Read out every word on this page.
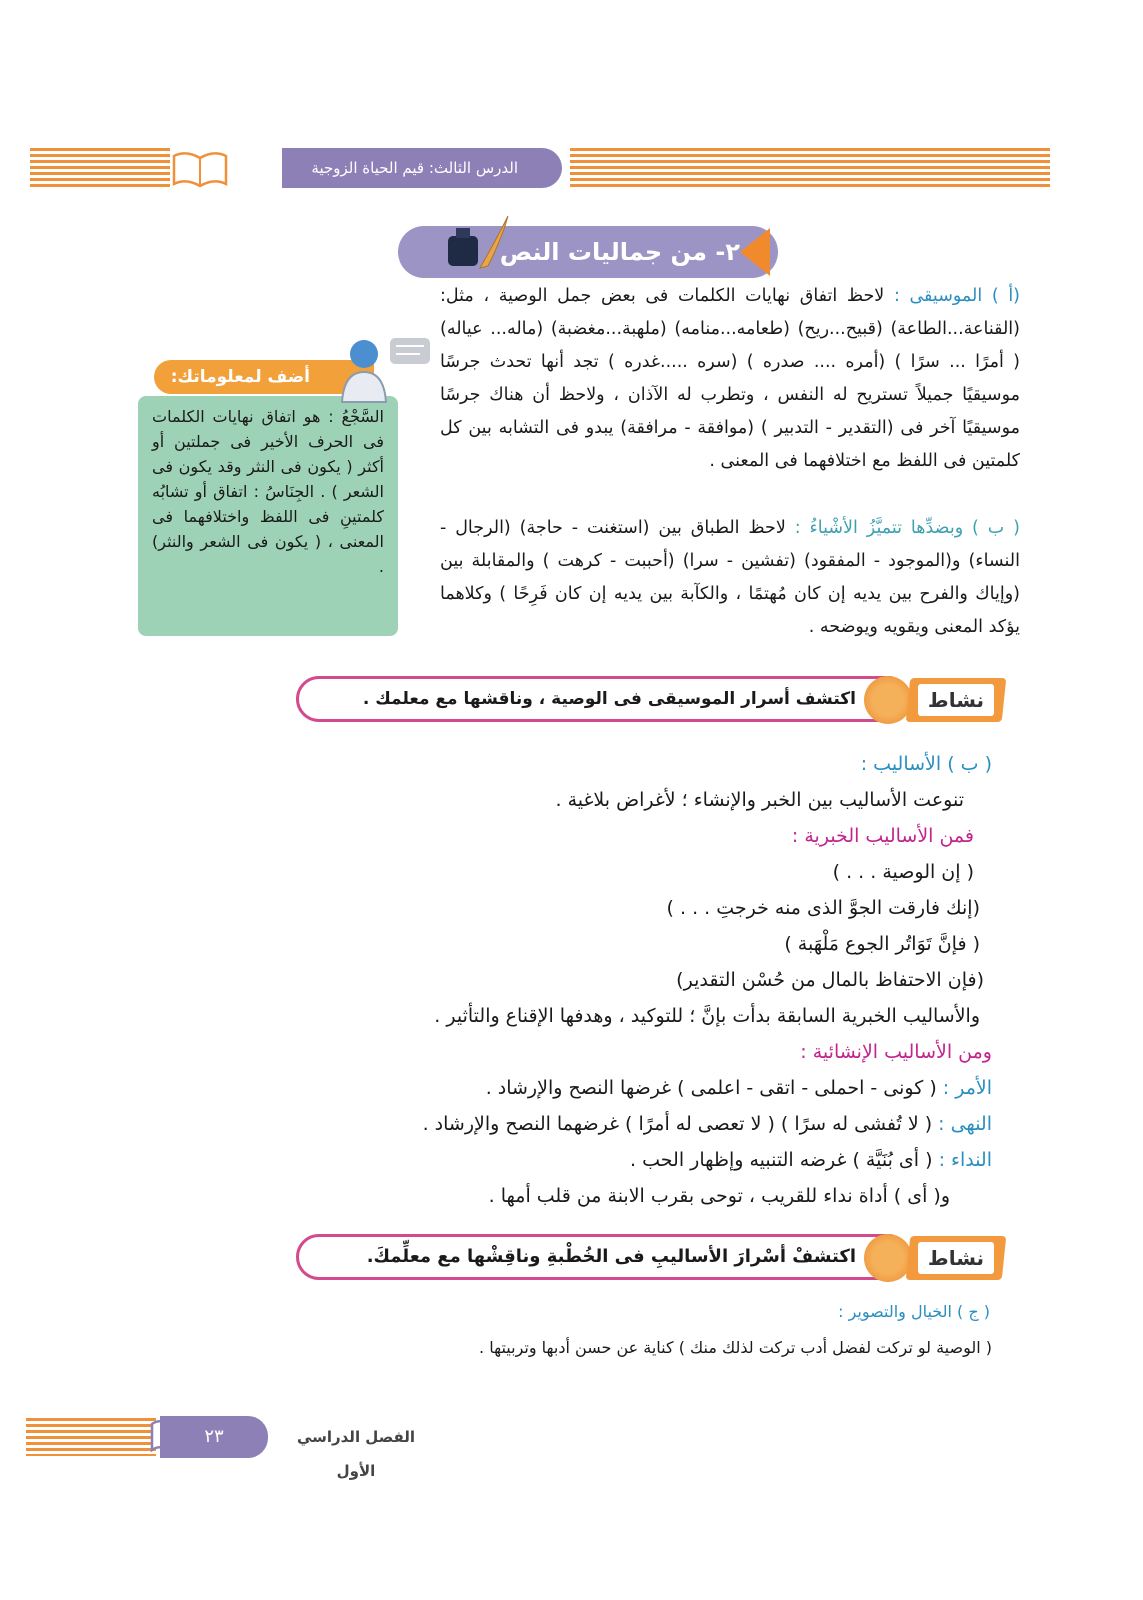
الدرس الثالث: قيم الحياة الزوجية
٢- من جماليات النص
(أ ) الموسيقى : لاحظ اتفاق نهايات الكلمات فى بعض جمل الوصية ، مثل: (القناعة...الطاعة) (قبيح...ريح) (طعامه...منامه) (ملهبة...مغضبة) (ماله... عياله) ( أمرًا ... سرًا ) (أمره .... صدره ) (سره .....غدره ) تجد أنها تحدث جرسًا موسيقيًا جميلاً تستريح له النفس ، وتطرب له الآذان ، ولاحظ أن هناك جرسًا موسيقيًا آخر فى (التقدير - التدبير ) (موافقة - مرافقة) يبدو فى التشابه بين كل كلمتين فى اللفظ مع اختلافهما فى المعنى .
( ب ) وبضدِّها تتميَّزُ الأشْياءُ : لاحظ الطباق بين (استغنت - حاجة) (الرجال - النساء) و(الموجود - المفقود) (تفشين - سرا) (أحببت - كرهت ) والمقابلة بين (وإياك والفرح بين يديه إن كان مُهتمًا ، والكآبة بين يديه إن كان فَرِحًا ) وكلاهما يؤكد المعنى ويقويه ويوضحه .
السَّجْعُ : هو اتفاق نهايات الكلمات فى الحرف الأخير فى جملتين أو أكثر ( يكون فى النثر وقد يكون فى الشعر ) . الجِنَاسُ : اتفاق أو تشابُه كلمتينِ فى اللفظ واختلافهما فى المعنى ، ( يكون فى الشعر والنثر) .
أضف لمعلوماتك:
اكتشف أسرار الموسيقى فى الوصية ، وناقشها مع معلمك .	نشاط
( ب ) الأساليب :
تنوعت الأساليب بين الخبر والإنشاء ؛ لأغراض بلاغية .
فمن الأساليب الخبرية :
( إن الوصية . . . )
(إنك فارقت الجوَّ الذى منه خرجتِ . . . )
( فإنَّ تَوَاتُر الجوع مَلْهَبة )
(فإن الاحتفاظ بالمال من حُسْن التقدير)
والأساليب الخبرية السابقة بدأت بإنَّ ؛ للتوكيد ، وهدفها الإقناع والتأثير .
ومن الأساليب الإنشائية :
الأمر : ( كونى - احملى - اتقى - اعلمى ) غرضها النصح والإرشاد .
النهى : ( لا تُفشى له سرًا ) ( لا تعصى له أمرًا ) غرضهما النصح والإرشاد .
النداء : ( أى بُنَيَّة ) غرضه التنبيه وإظهار الحب .
و( أى ) أداة نداء للقريب ، توحى بقرب الابنة من قلب أمها .
اكتشفْ أسْرارَ الأساليبِ فى الخُطْبةِ وناقِشْها مع معلِّمكَ.	نشاط
( ج ) الخيال والتصوير :
( الوصية لو تركت لفضل أدب تركت لذلك منك ) كناية عن حسن أدبها وتربيتها .
٢٣	الفصل الدراسي الأول
